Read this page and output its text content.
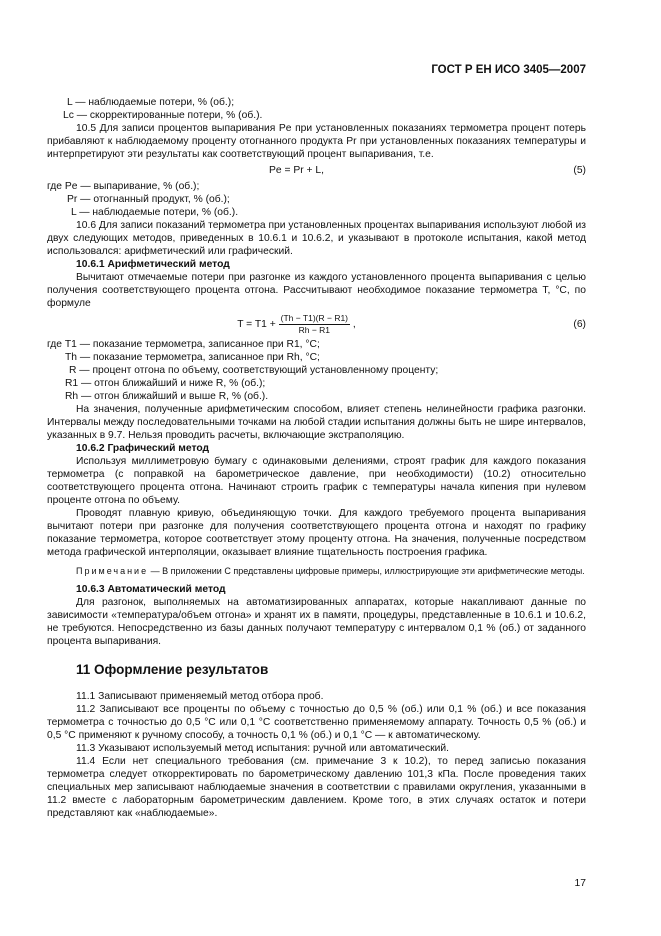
ГОСТ Р ЕН ИСО 3405—2007

L — наблюдаемые потери, % (об.);

Lc — скорректированные потери, % (об.).

10.5 Для записи процентов выпаривания Pe при установленных показаниях термометра процент потерь прибавляют к наблюдаемому проценту отогнанного продукта Pr при установленных показаниях температуры и интерпретируют эти результаты как соответствующий процент выпаривания, т.е.

Pe = Pr + L,	(5)

где Pe — выпаривание, % (об.);

Pr — отогнанный продукт, % (об.);

L — наблюдаемые потери, % (об.).

10.6 Для записи показаний термометра при установленных процентах выпаривания используют любой из двух следующих методов, приведенных в 10.6.1 и 10.6.2, и указывают в протоколе испытания, какой метод использовался: арифметический или графический.

10.6.1 Арифметический метод

Вычитают отмечаемые потери при разгонке из каждого установленного процента выпаривания с целью получения соответствующего процента отгона. Рассчитывают необходимое показание термометра T, °C, по формуле

$T = T1 + \frac{(Th - T1)(R - R1)}{Rh - R1}$ ,	(6)

где T1 — показание термометра, записанное при R1, °C;

Th — показание термометра, записанное при Rh, °C;

R — процент отгона по объему, соответствующий установленному проценту;

R1 — отгон ближайший и ниже R, % (об.);

Rh — отгон ближайший и выше R, % (об.).

На значения, полученные арифметическим способом, влияет степень нелинейности графика разгонки. Интервалы между последовательными точками на любой стадии испытания должны быть не шире интервалов, указанных в 9.7. Нельзя проводить расчеты, включающие экстраполяцию.

10.6.2 Графический метод

Используя миллиметровую бумагу с одинаковыми делениями, строят график для каждого показания термометра (с поправкой на барометрическое давление, при необходимости) (10.2) относительно соответствующего процента отгона. Начинают строить график с температуры начала кипения при нулевом проценте отгона по объему.

Проводят плавную кривую, объединяющую точки. Для каждого требуемого процента выпаривания вычитают потери при разгонке для получения соответствующего процента отгона и находят по графику показание термометра, которое соответствует этому проценту отгона. На значения, полученные посредством метода графической интерполяции, оказывает влияние тщательность построения графика.

Примечание — В приложении С представлены цифровые примеры, иллюстрирующие эти арифметические методы.

10.6.3 Автоматический метод

Для разгонок, выполняемых на автоматизированных аппаратах, которые накапливают данные по зависимости «температура/объем отгона» и хранят их в памяти, процедуры, представленные в 10.6.1 и 10.6.2, не требуются. Непосредственно из базы данных получают температуру с интервалом 0,1 % (об.) от заданного процента выпаривания.

11 Оформление результатов

11.1 Записывают применяемый метод отбора проб.

11.2 Записывают все проценты по объему с точностью до 0,5 % (об.) или 0,1 % (об.) и все показания термометра с точностью до 0,5 °С или 0,1 °С соответственно применяемому аппарату. Точность 0,5 % (об.) и 0,5 °С применяют к ручному способу, а точность 0,1 % (об.) и 0,1 °С — к автоматическому.

11.3 Указывают используемый метод испытания: ручной или автоматический.

11.4 Если нет специального требования (см. примечание 3 к 10.2), то перед записью показания термометра следует откорректировать по барометрическому давлению 101,3 кПа. После проведения таких специальных мер записывают наблюдаемые значения в соответствии с правилами округления, указанными в 11.2 вместе с лабораторным барометрическим давлением. Кроме того, в этих случаях остаток и потери представляют как «наблюдаемые».

17
